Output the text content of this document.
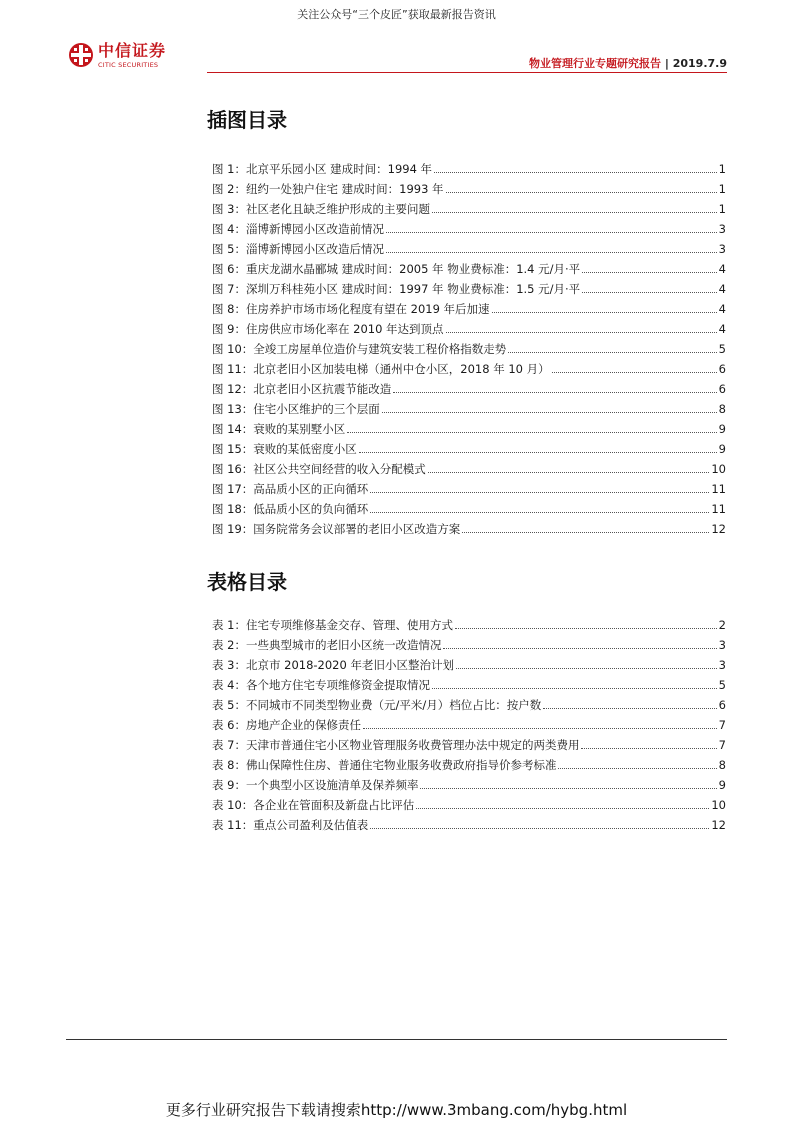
关注公众号“三个皮匠”获取最新报告资讯
中信证券
CITIC SECURITIES	物业管理行业专题研究报告 | 2019.7.9
插图目录
图 1：北京平乐园小区 建成时间：1994 年	1
图 2：纽约一处独户住宅 建成时间：1993 年	1
图 3：社区老化且缺乏维护形成的主要问题	1
图 4：淄博新博园小区改造前情况	3
图 5：淄博新博园小区改造后情况	3
图 6：重庆龙湖水晶郦城 建成时间：2005 年 物业费标准：1.4 元/月·平	4
图 7：深圳万科桂苑小区 建成时间：1997 年 物业费标准：1.5 元/月·平	4
图 8：住房养护市场市场化程度有望在 2019 年后加速	4
图 9：住房供应市场化率在 2010 年达到顶点	4
图 10：全竣工房屋单位造价与建筑安装工程价格指数走势	5
图 11：北京老旧小区加装电梯（通州中仓小区，2018 年 10 月）	6
图 12：北京老旧小区抗震节能改造	6
图 13：住宅小区维护的三个层面	8
图 14：衰败的某别墅小区	9
图 15：衰败的某低密度小区	9
图 16：社区公共空间经营的收入分配模式	10
图 17：高品质小区的正向循环	11
图 18：低品质小区的负向循环	11
图 19：国务院常务会议部署的老旧小区改造方案	12
表格目录
表 1：住宅专项维修基金交存、管理、使用方式	2
表 2：一些典型城市的老旧小区统一改造情况	3
表 3：北京市 2018-2020 年老旧小区整治计划	3
表 4：各个地方住宅专项维修资金提取情况	5
表 5：不同城市不同类型物业费（元/平米/月）档位占比：按户数	6
表 6：房地产企业的保修责任	7
表 7：天津市普通住宅小区物业管理服务收费管理办法中规定的两类费用	7
表 8：佛山保障性住房、普通住宅物业服务收费政府指导价参考标准	8
表 9：一个典型小区设施清单及保养频率	9
表 10：各企业在管面积及新盘占比评估	10
表 11：重点公司盈利及估值表	12
更多行业研究报告下载请搜索http://www.3mbang.com/hybg.html
